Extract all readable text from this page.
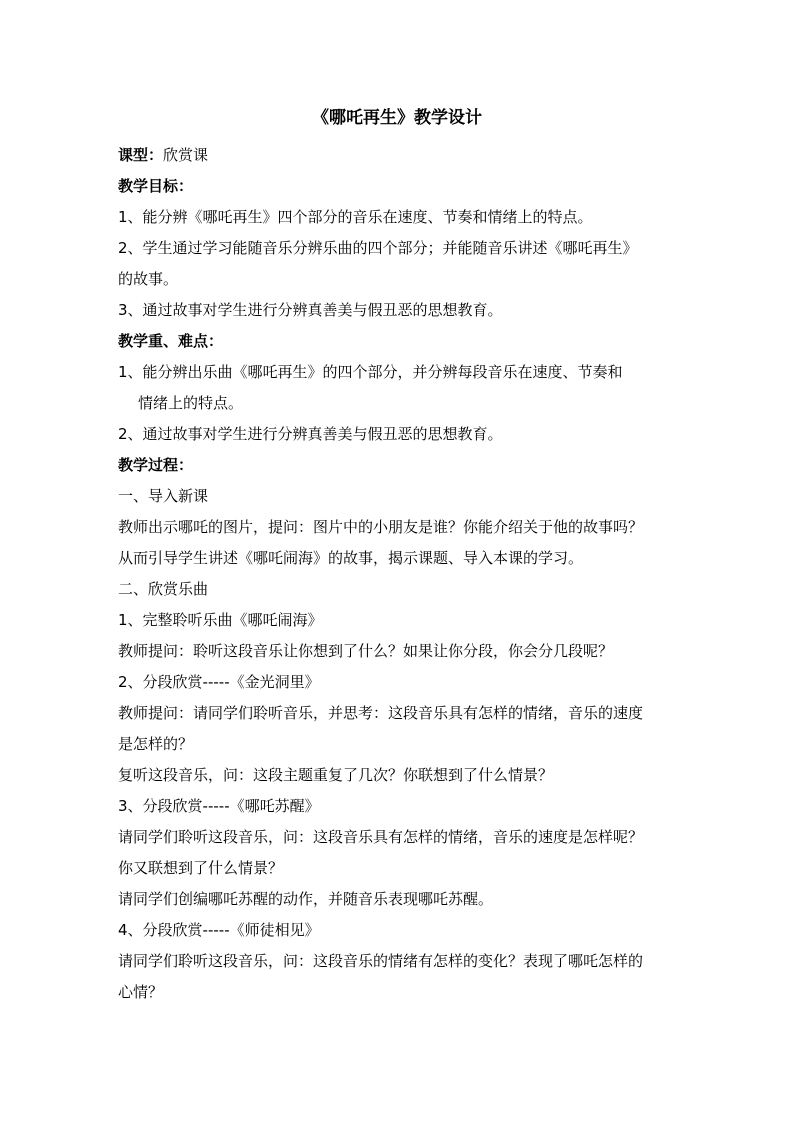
《哪吒再生》教学设计
课型：欣赏课
教学目标：
1、能分辨《哪吒再生》四个部分的音乐在速度、节奏和情绪上的特点。
2、学生通过学习能随音乐分辨乐曲的四个部分；并能随音乐讲述《哪吒再生》
的故事。
3、通过故事对学生进行分辨真善美与假丑恶的思想教育。
教学重、难点：
1、能分辨出乐曲《哪吒再生》的四个部分，并分辨每段音乐在速度、节奏和
情绪上的特点。
2、通过故事对学生进行分辨真善美与假丑恶的思想教育。
教学过程：
一、导入新课
教师出示哪吒的图片，提问：图片中的小朋友是谁？你能介绍关于他的故事吗？
从而引导学生讲述《哪吒闹海》的故事，揭示课题、导入本课的学习。
二、欣赏乐曲
1、完整聆听乐曲《哪吒闹海》
教师提问：聆听这段音乐让你想到了什么？如果让你分段，你会分几段呢？
2、分段欣赏-----《金光洞里》
教师提问：请同学们聆听音乐，并思考：这段音乐具有怎样的情绪，音乐的速度
是怎样的？
复听这段音乐，问：这段主题重复了几次？你联想到了什么情景？
3、分段欣赏-----《哪吒苏醒》
请同学们聆听这段音乐，问：这段音乐具有怎样的情绪，音乐的速度是怎样呢？
你又联想到了什么情景？
请同学们创编哪吒苏醒的动作，并随音乐表现哪吒苏醒。
4、分段欣赏-----《师徒相见》
请同学们聆听这段音乐，问：这段音乐的情绪有怎样的变化？表现了哪吒怎样的
心情？
